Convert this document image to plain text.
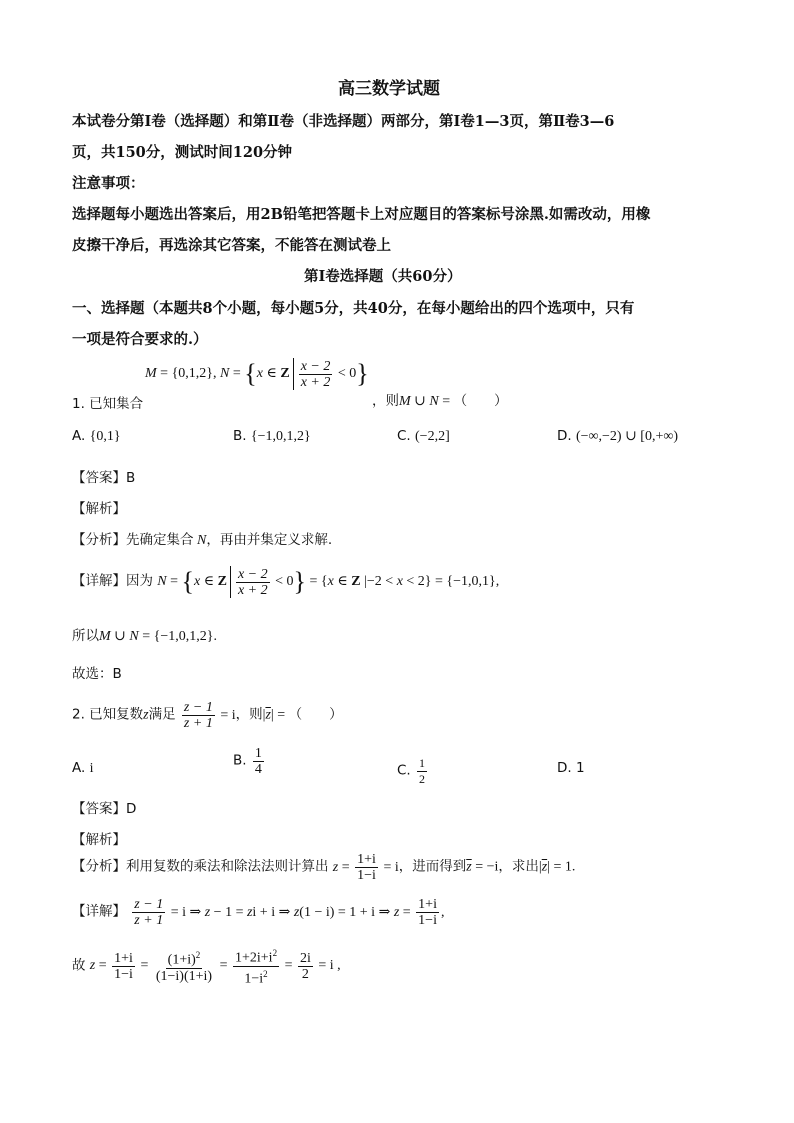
高三数学试题
本试卷分第Ⅰ卷（选择题）和第Ⅱ卷（非选择题）两部分，第Ⅰ卷1—3页，第Ⅱ卷3—6
页，共150分，测试时间120分钟
注意事项：
选择题每小题选出答案后，用2B铅笔把答题卡上对应题目的答案标号涂黑.如需改动，用橡
皮擦干净后，再选涂其它答案，不能答在测试卷上
第Ⅰ卷选择题（共60分）
一、选择题（本题共8个小题，每小题5分，共40分，在每小题给出的四个选项中，只有
一项是符合要求的.）
M = {0,1,2}, N = {x ∈ Z $\frac{x - 2}{x + 2} < 0$}
1. 已知集合	，则M ∪ N = （　　）
A. {0,1}	B. {−1,0,1,2}	C. (−2,2]	D. (−∞,−2) ∪ [0,+∞)
【答案】B
【解析】
【分析】先确定集合 N，再由并集定义求解.
【详解】因为 N = {x ∈ Z $\frac{x - 2}{x + 2} < 0\} = \{x$ ∈ Z |−2 < x < 2} = {−1,0,1},
所以M ∪ N = {−1,0,1,2}.
故选：B
2. 已知复数z满足 $\frac{z - 1}{z + 1} = i$，则$|\overline{z}|$ = （　　）
A. i	B. $\frac{1}{4}$	C. $\frac{1}{2}$	D. 1
【答案】D
【解析】
【分析】利用复数的乘法和除法法则计算出 $z = \frac{1+i}{1-i} = i$，进而得到$\overline{z} = -i$，求出$|\overline{z}| = 1$.
【详解】 $\frac{z - 1}{z + 1} = i$ ⇒ z − 1 = zi + i ⇒ z(1 − i) = 1 + i ⇒ $z = \frac{1+i}{1-i}$ ,
故 $z = \frac{1+i}{1-i} = \frac{(1+i)^2}{(1-i)(1+i)} = \frac{1+2i+i^2}{1-i^2} = \frac{2i}{2} = i$ ,
